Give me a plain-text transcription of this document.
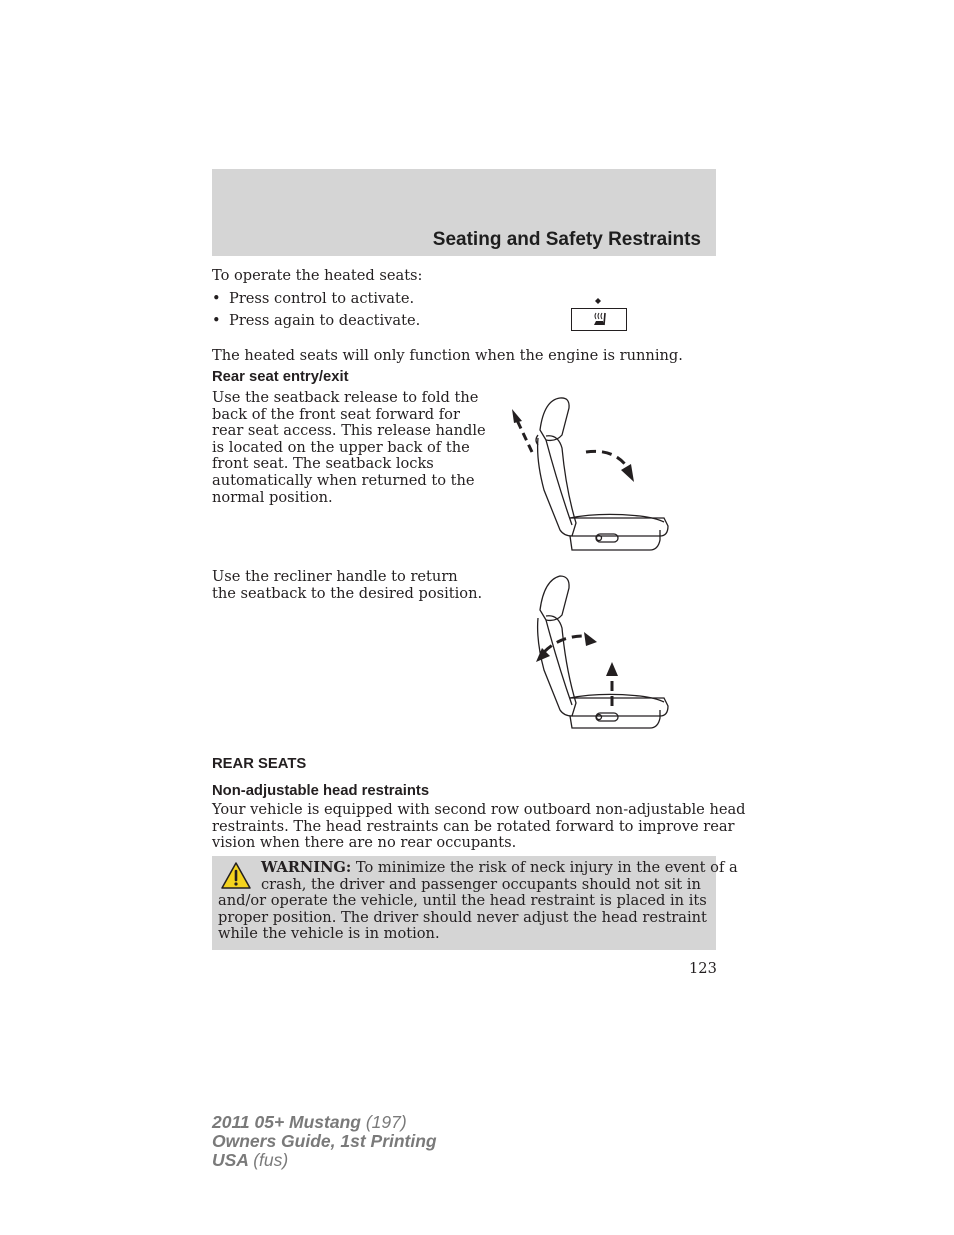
Seating and Safety Restraints
To operate the heated seats:
• Press control to activate.
• Press again to deactivate.
The heated seats will only function when the engine is running.
Rear seat entry/exit
Use the seatback release to fold the
back of the front seat forward for
rear seat access. This release handle
is located on the upper back of the
front seat. The seatback locks
automatically when returned to the
normal position.
Use the recliner handle to return
the seatback to the desired position.
REAR SEATS
Non-adjustable head restraints
Your vehicle is equipped with second row outboard non-adjustable head
restraints. The head restraints can be rotated forward to improve rear
vision when there are no rear occupants.
WARNING: To minimize the risk of neck injury in the event of a
crash, the driver and passenger occupants should not sit in
and/or operate the vehicle, until the head restraint is placed in its
proper position. The driver should never adjust the head restraint
while the vehicle is in motion.
123
2011 05+ Mustang (197)
Owners Guide, 1st Printing
USA (fus)
